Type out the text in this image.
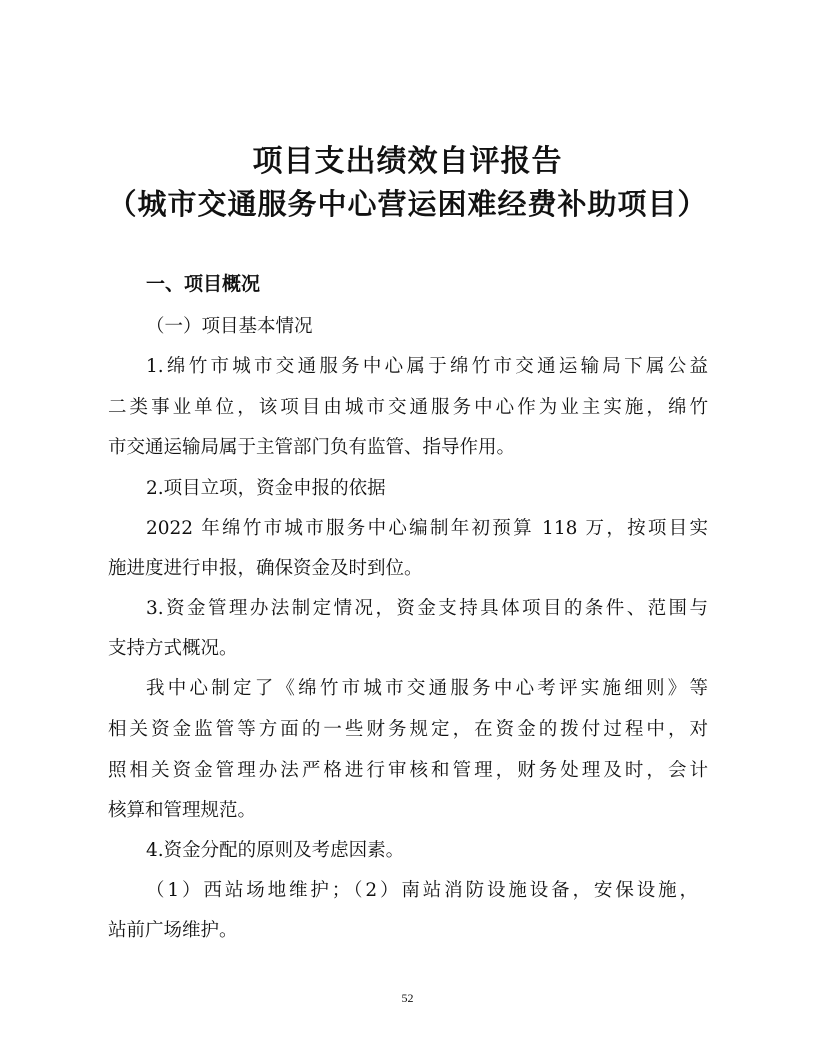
项目支出绩效自评报告
（城市交通服务中心营运困难经费补助项目）

一、项目概况

（一）项目基本情况

1.绵竹市城市交通服务中心属于绵竹市交通运输局下属公益

二类事业单位，该项目由城市交通服务中心作为业主实施，绵竹

市交通运输局属于主管部门负有监管、指导作用。

2.项目立项，资金申报的依据

2022 年绵竹市城市服务中心编制年初预算 118 万，按项目实

施进度进行申报，确保资金及时到位。

3.资金管理办法制定情况，资金支持具体项目的条件、范围与

支持方式概况。

我中心制定了《绵竹市城市交通服务中心考评实施细则》等

相关资金监管等方面的一些财务规定，在资金的拨付过程中，对

照相关资金管理办法严格进行审核和管理，财务处理及时，会计

核算和管理规范。

4.资金分配的原则及考虑因素。

（1）西站场地维护；（2）南站消防设施设备，安保设施，

站前广场维护。

52
